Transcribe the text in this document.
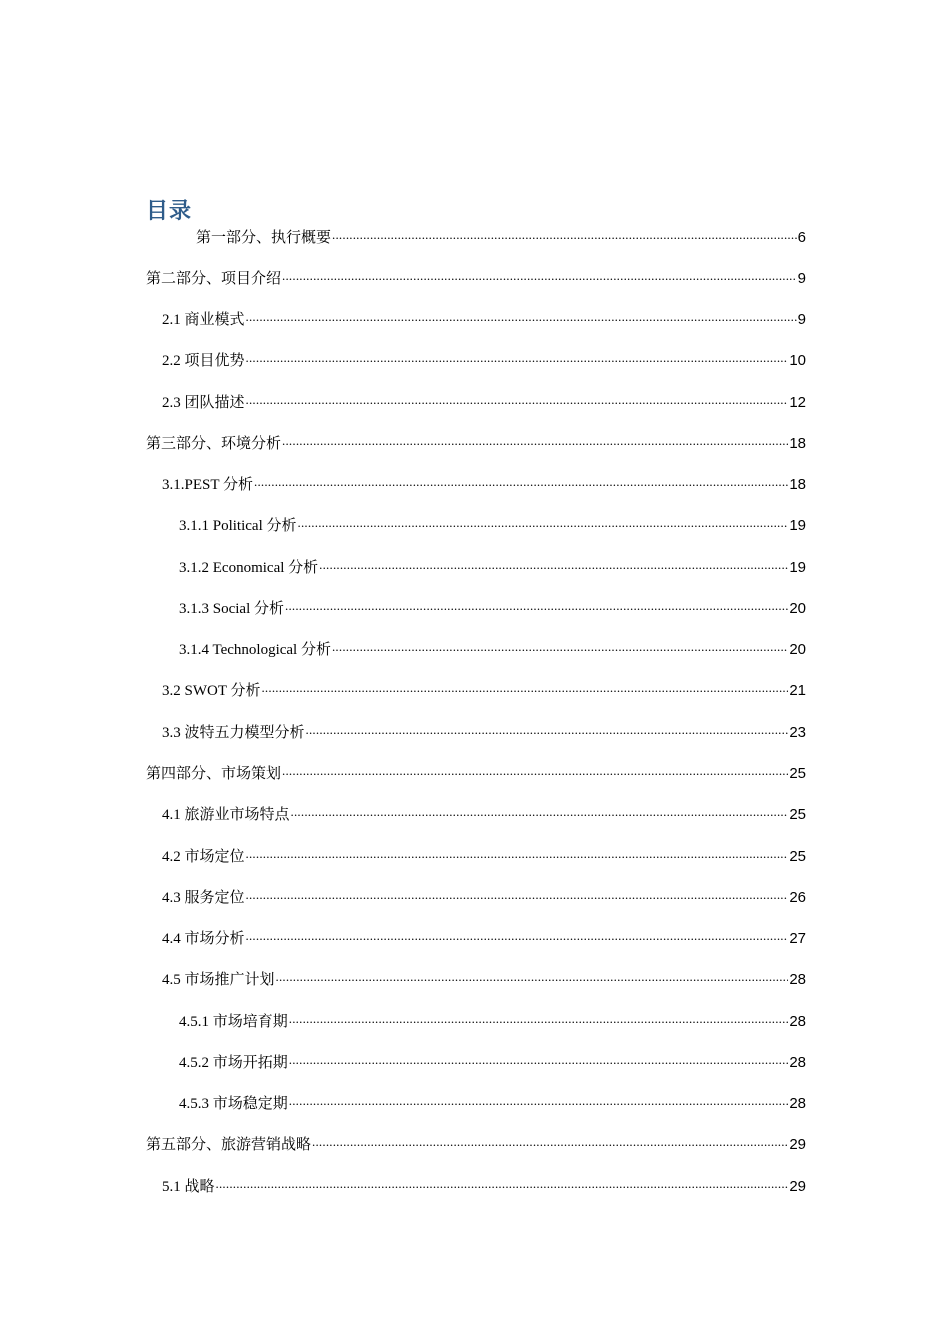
目录
第一部分、执行概要 .....	6
第二部分、项目介绍 .....	9
2.1 商业模式 .....	9
2.2 项目优势 .....	10
2.3 团队描述 .....	12
第三部分、环境分析 .....	18
3.1.PEST 分析 .....	18
3.1.1 Political 分析 .....	19
3.1.2 Economical 分析 .....	19
3.1.3 Social 分析 .....	20
3.1.4 Technological 分析 .....	20
3.2 SWOT 分析 .....	21
3.3 波特五力模型分析 .....	23
第四部分、市场策划 .....	25
4.1 旅游业市场特点 .....	25
4.2 市场定位 .....	25
4.3 服务定位 .....	26
4.4 市场分析 .....	27
4.5 市场推广计划 .....	28
4.5.1 市场培育期 .....	28
4.5.2 市场开拓期 .....	28
4.5.3 市场稳定期 .....	28
第五部分、旅游营销战略 .....	29
5.1 战略 .....	29
